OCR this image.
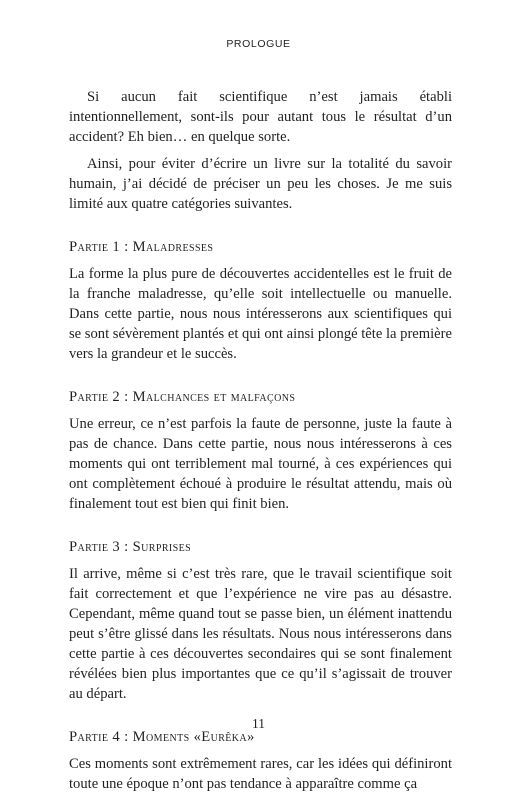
PROLOGUE

Si aucun fait scientifique n’est jamais établi intentionnellement, sont-ils pour autant tous le résultat d’un accident? Eh bien… en quelque sorte.

Ainsi, pour éviter d’écrire un livre sur la totalité du savoir humain, j’ai décidé de préciser un peu les choses. Je me suis limité aux quatre catégories suivantes.

Partie 1 : Maladresses

La forme la plus pure de découvertes accidentelles est le fruit de la franche maladresse, qu’elle soit intellectuelle ou manuelle. Dans cette partie, nous nous intéresserons aux scientifiques qui se sont sévèrement plantés et qui ont ainsi plongé tête la première vers la grandeur et le succès.

Partie 2 : Malchances et malfaçons

Une erreur, ce n’est parfois la faute de personne, juste la faute à pas de chance. Dans cette partie, nous nous intéresserons à ces moments qui ont terriblement mal tourné, à ces expériences qui ont complètement échoué à produire le résultat attendu, mais où finalement tout est bien qui finit bien.

Partie 3 : Surprises

Il arrive, même si c’est très rare, que le travail scientifique soit fait correctement et que l’expérience ne vire pas au désastre. Cependant, même quand tout se passe bien, un élément inattendu peut s’être glissé dans les résultats. Nous nous intéresserons dans cette partie à ces découvertes secondaires qui se sont finalement révélées bien plus importantes que ce qu’il s’agissait de trouver au départ.

Partie 4 : Moments «Eurêka»

Ces moments sont extrêmement rares, car les idées qui définiront toute une époque n’ont pas tendance à apparaître comme ça

11
